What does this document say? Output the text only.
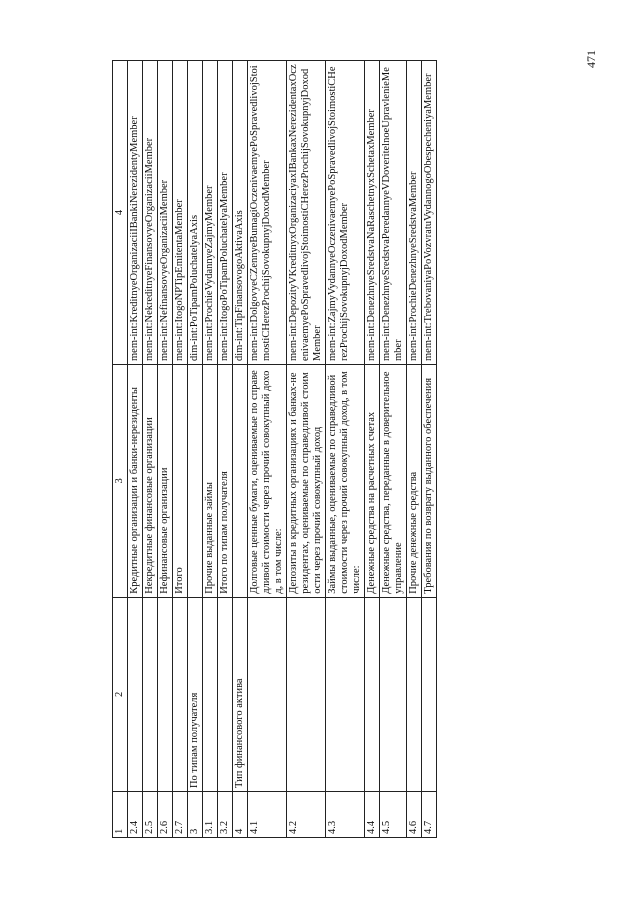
471
1	2	3	4
2.4		Кредитные организации и банки-нерезиденты	mem-int:KreditnyeOrganizaciiIBankiNerezidentyMember
2.5		Некредитные финансовые организации	mem-int:NekreditnyeFinansovyeOrganizaciiMember
2.6		Нефинансовые организации	mem-int:NefinansovyeOrganizaciiMember
2.7		Итого	mem-int:ItogoNPTipEmitentaMember
3	По типам получателя		dim-int:PoTipamPoluchatelyaAxis
3.1		Прочие выданные займы	mem-int:ProchieVydannyeZajmyMember
3.2		Итого по типам получателя	mem-int:ItogoPoTipamPoluchatelyaMember
4	Тип финансового актива		dim-int:TipFinansovogoAktivaAxis
4.1		Долговые ценные бумаги, оцениваемые по справедливой стоимости через прочий совокупный доход, в том числе:	mem-int:DolgovyeCZennyeBumagiOczenivaemyePoSpravedlivojStoimostiCHerezProchijSovokupnyjDoxodMember
4.2		Депозиты в кредитных организациях и банках-нерезидентах, оцениваемые по справедливой стоимости через прочий совокупный доход	mem-int:DepozityVKreditnyxOrganizaciyaxIBankaxNerezidentaxOczenivaemyePoSpravedlivojStoimostiCHerezProchijSovokupnyjDoxodMember
4.3		Займы выданные, оцениваемые по справедливой стоимости через прочий совокупный доход, в том числе:	mem-int:ZajmyVydannyeOczenivaemyePoSpravedlivojStoimostiCHerezProchijSovokupnyjDoxodMember
4.4		Денежные средства на расчетных счетах	mem-int:DenezhnyeSredstvaNaRaschetnyxSchetaxMember
4.5		Денежные средства, переданные в доверительное управление	mem-int:DenezhnyeSredstvaPeredannyeVDoveritelnoeUpravlenieMember
4.6		Прочие денежные средства	mem-int:ProchieDenezhnyeSredstvaMember
4.7		Требования по возврату выданного обеспечения	mem-int:TrebovaniyaPoVozvratuVydannogoObespecheniyaMember
